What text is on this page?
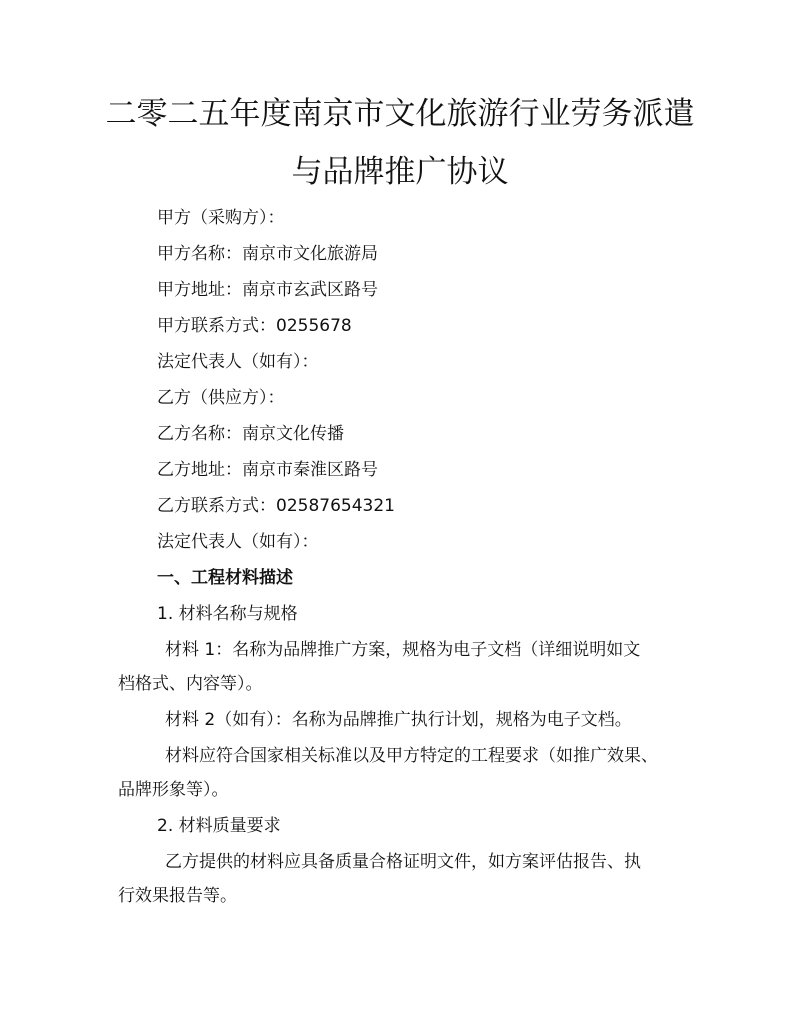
二零二五年度南京市文化旅游行业劳务派遣
与品牌推广协议

甲方（采购方）：

甲方名称：南京市文化旅游局

甲方地址：南京市玄武区路号

甲方联系方式：0255678

法定代表人（如有）：

乙方（供应方）：

乙方名称：南京文化传播

乙方地址：南京市秦淮区路号

乙方联系方式：02587654321

法定代表人（如有）：

一、工程材料描述

1. 材料名称与规格

材料 1：名称为品牌推广方案，规格为电子文档（详细说明如文

档格式、内容等）。

材料 2（如有）：名称为品牌推广执行计划，规格为电子文档。

材料应符合国家相关标准以及甲方特定的工程要求（如推广效果、

品牌形象等）。

2. 材料质量要求

乙方提供的材料应具备质量合格证明文件，如方案评估报告、执

行效果报告等。
